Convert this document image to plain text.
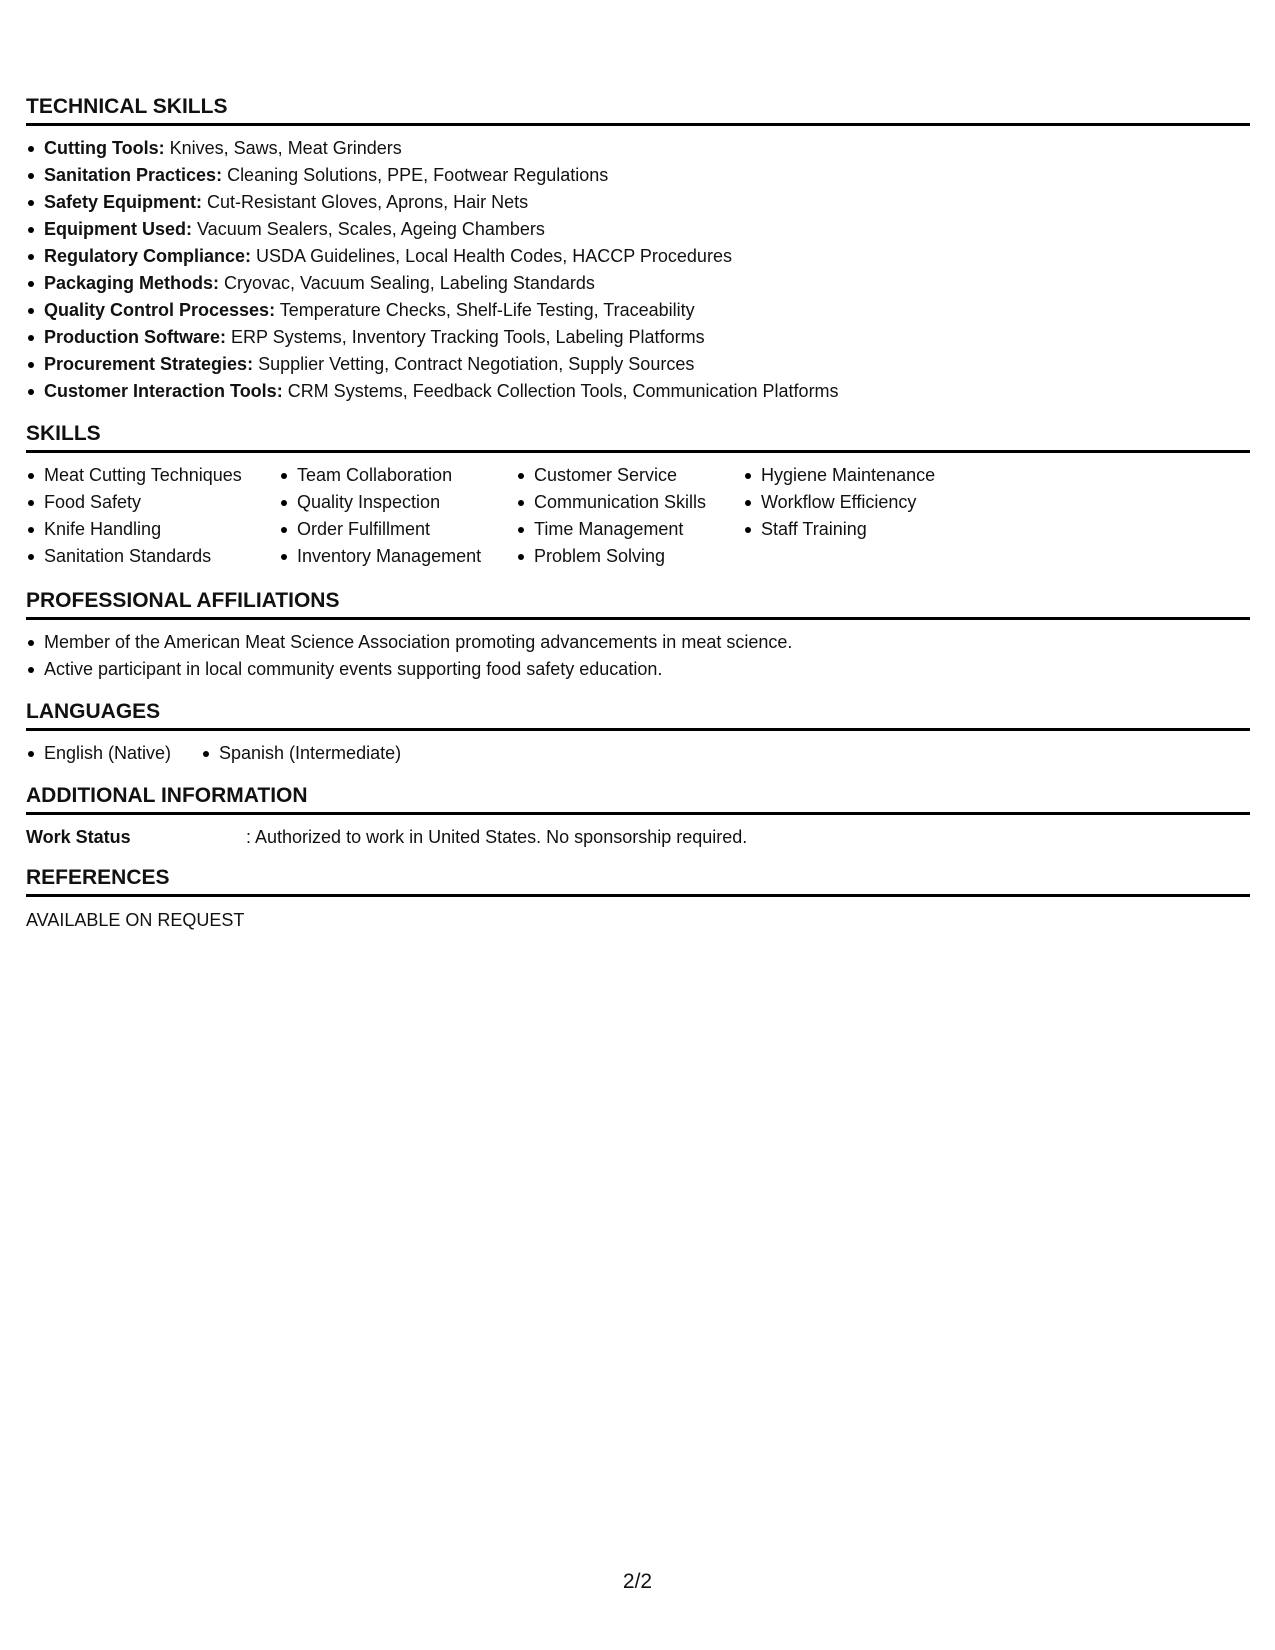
TECHNICAL SKILLS
Cutting Tools: Knives, Saws, Meat Grinders
Sanitation Practices: Cleaning Solutions, PPE, Footwear Regulations
Safety Equipment: Cut-Resistant Gloves, Aprons, Hair Nets
Equipment Used: Vacuum Sealers, Scales, Ageing Chambers
Regulatory Compliance: USDA Guidelines, Local Health Codes, HACCP Procedures
Packaging Methods: Cryovac, Vacuum Sealing, Labeling Standards
Quality Control Processes: Temperature Checks, Shelf-Life Testing, Traceability
Production Software: ERP Systems, Inventory Tracking Tools, Labeling Platforms
Procurement Strategies: Supplier Vetting, Contract Negotiation, Supply Sources
Customer Interaction Tools: CRM Systems, Feedback Collection Tools, Communication Platforms
SKILLS
Meat Cutting Techniques
Food Safety
Knife Handling
Sanitation Standards
Team Collaboration
Quality Inspection
Order Fulfillment
Inventory Management
Customer Service
Communication Skills
Time Management
Problem Solving
Hygiene Maintenance
Workflow Efficiency
Staff Training
PROFESSIONAL AFFILIATIONS
Member of the American Meat Science Association promoting advancements in meat science.
Active participant in local community events supporting food safety education.
LANGUAGES
English (Native)	Spanish (Intermediate)
ADDITIONAL INFORMATION
Work Status	: Authorized to work in United States. No sponsorship required.
REFERENCES
AVAILABLE ON REQUEST
2/2
